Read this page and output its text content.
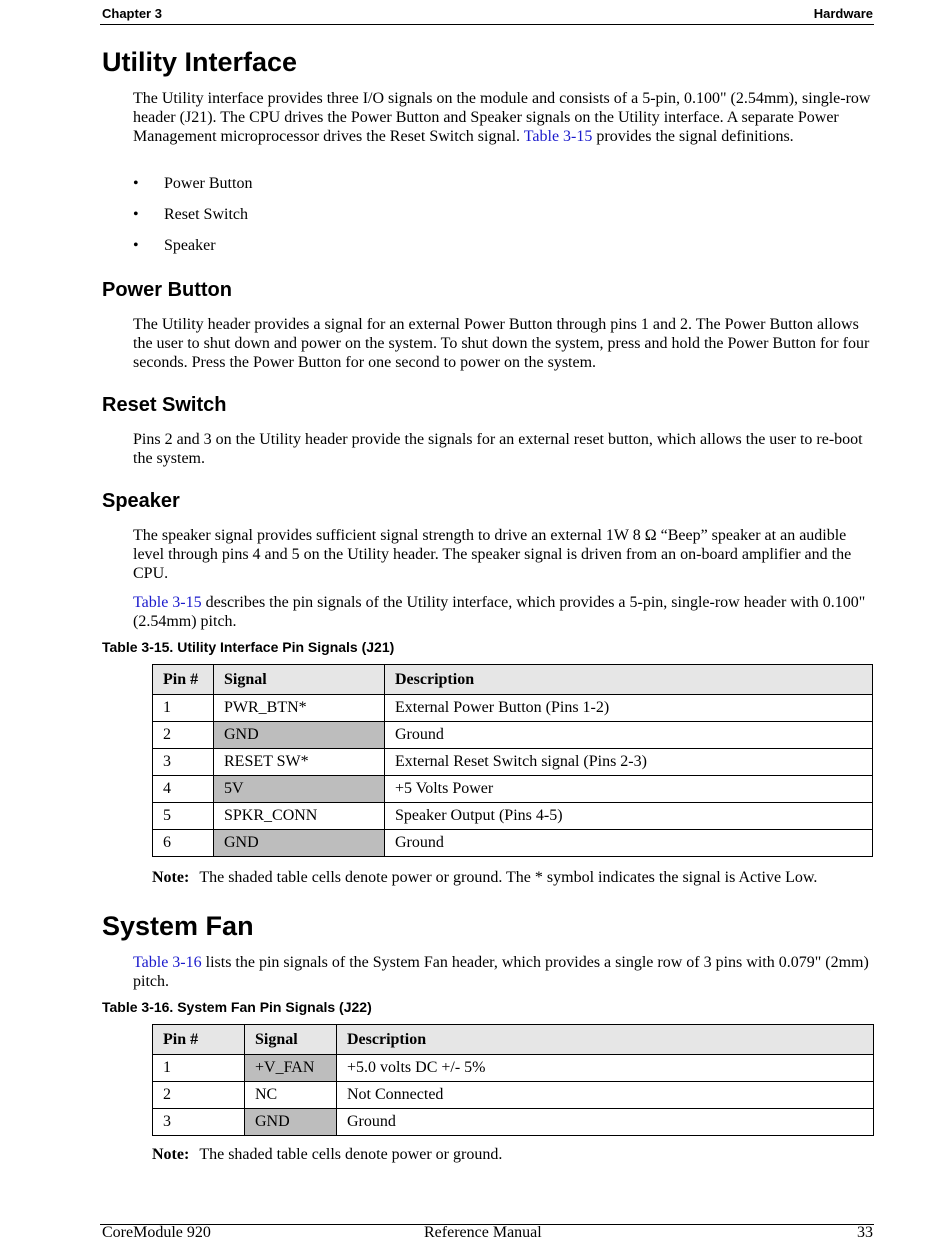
Chapter 3	Hardware
Utility Interface
The Utility interface provides three I/O signals on the module and consists of a 5-pin, 0.100" (2.54mm), single-row header (J21). The CPU drives the Power Button and Speaker signals on the Utility interface. A separate Power Management microprocessor drives the Reset Switch signal. Table 3-15 provides the signal definitions.
• Power Button
• Reset Switch
• Speaker
Power Button
The Utility header provides a signal for an external Power Button through pins 1 and 2. The Power Button allows the user to shut down and power on the system. To shut down the system, press and hold the Power Button for four seconds. Press the Power Button for one second to power on the system.
Reset Switch
Pins 2 and 3 on the Utility header provide the signals for an external reset button, which allows the user to re-boot the system.
Speaker
The speaker signal provides sufficient signal strength to drive an external 1W 8 Ω “Beep” speaker at an audible level through pins 4 and 5 on the Utility header. The speaker signal is driven from an on-board amplifier and the CPU.
Table 3-15 describes the pin signals of the Utility interface, which provides a 5-pin, single-row header with 0.100" (2.54mm) pitch.
Table 3-15. Utility Interface Pin Signals (J21)
Pin #	Signal	Description
1	PWR_BTN*	External Power Button (Pins 1-2)
2	GND	Ground
3	RESET SW*	External Reset Switch signal (Pins 2-3)
4	5V	+5 Volts Power
5	SPKR_CONN	Speaker Output (Pins 4-5)
6	GND	Ground
Note: The shaded table cells denote power or ground. The * symbol indicates the signal is Active Low.
System Fan
Table 3-16 lists the pin signals of the System Fan header, which provides a single row of 3 pins with 0.079" (2mm) pitch.
Table 3-16. System Fan Pin Signals (J22)
Pin #	Signal	Description
1	+V_FAN	+5.0 volts DC +/- 5%
2	NC	Not Connected
3	GND	Ground
Note: The shaded table cells denote power or ground.
CoreModule 920	Reference Manual	33
